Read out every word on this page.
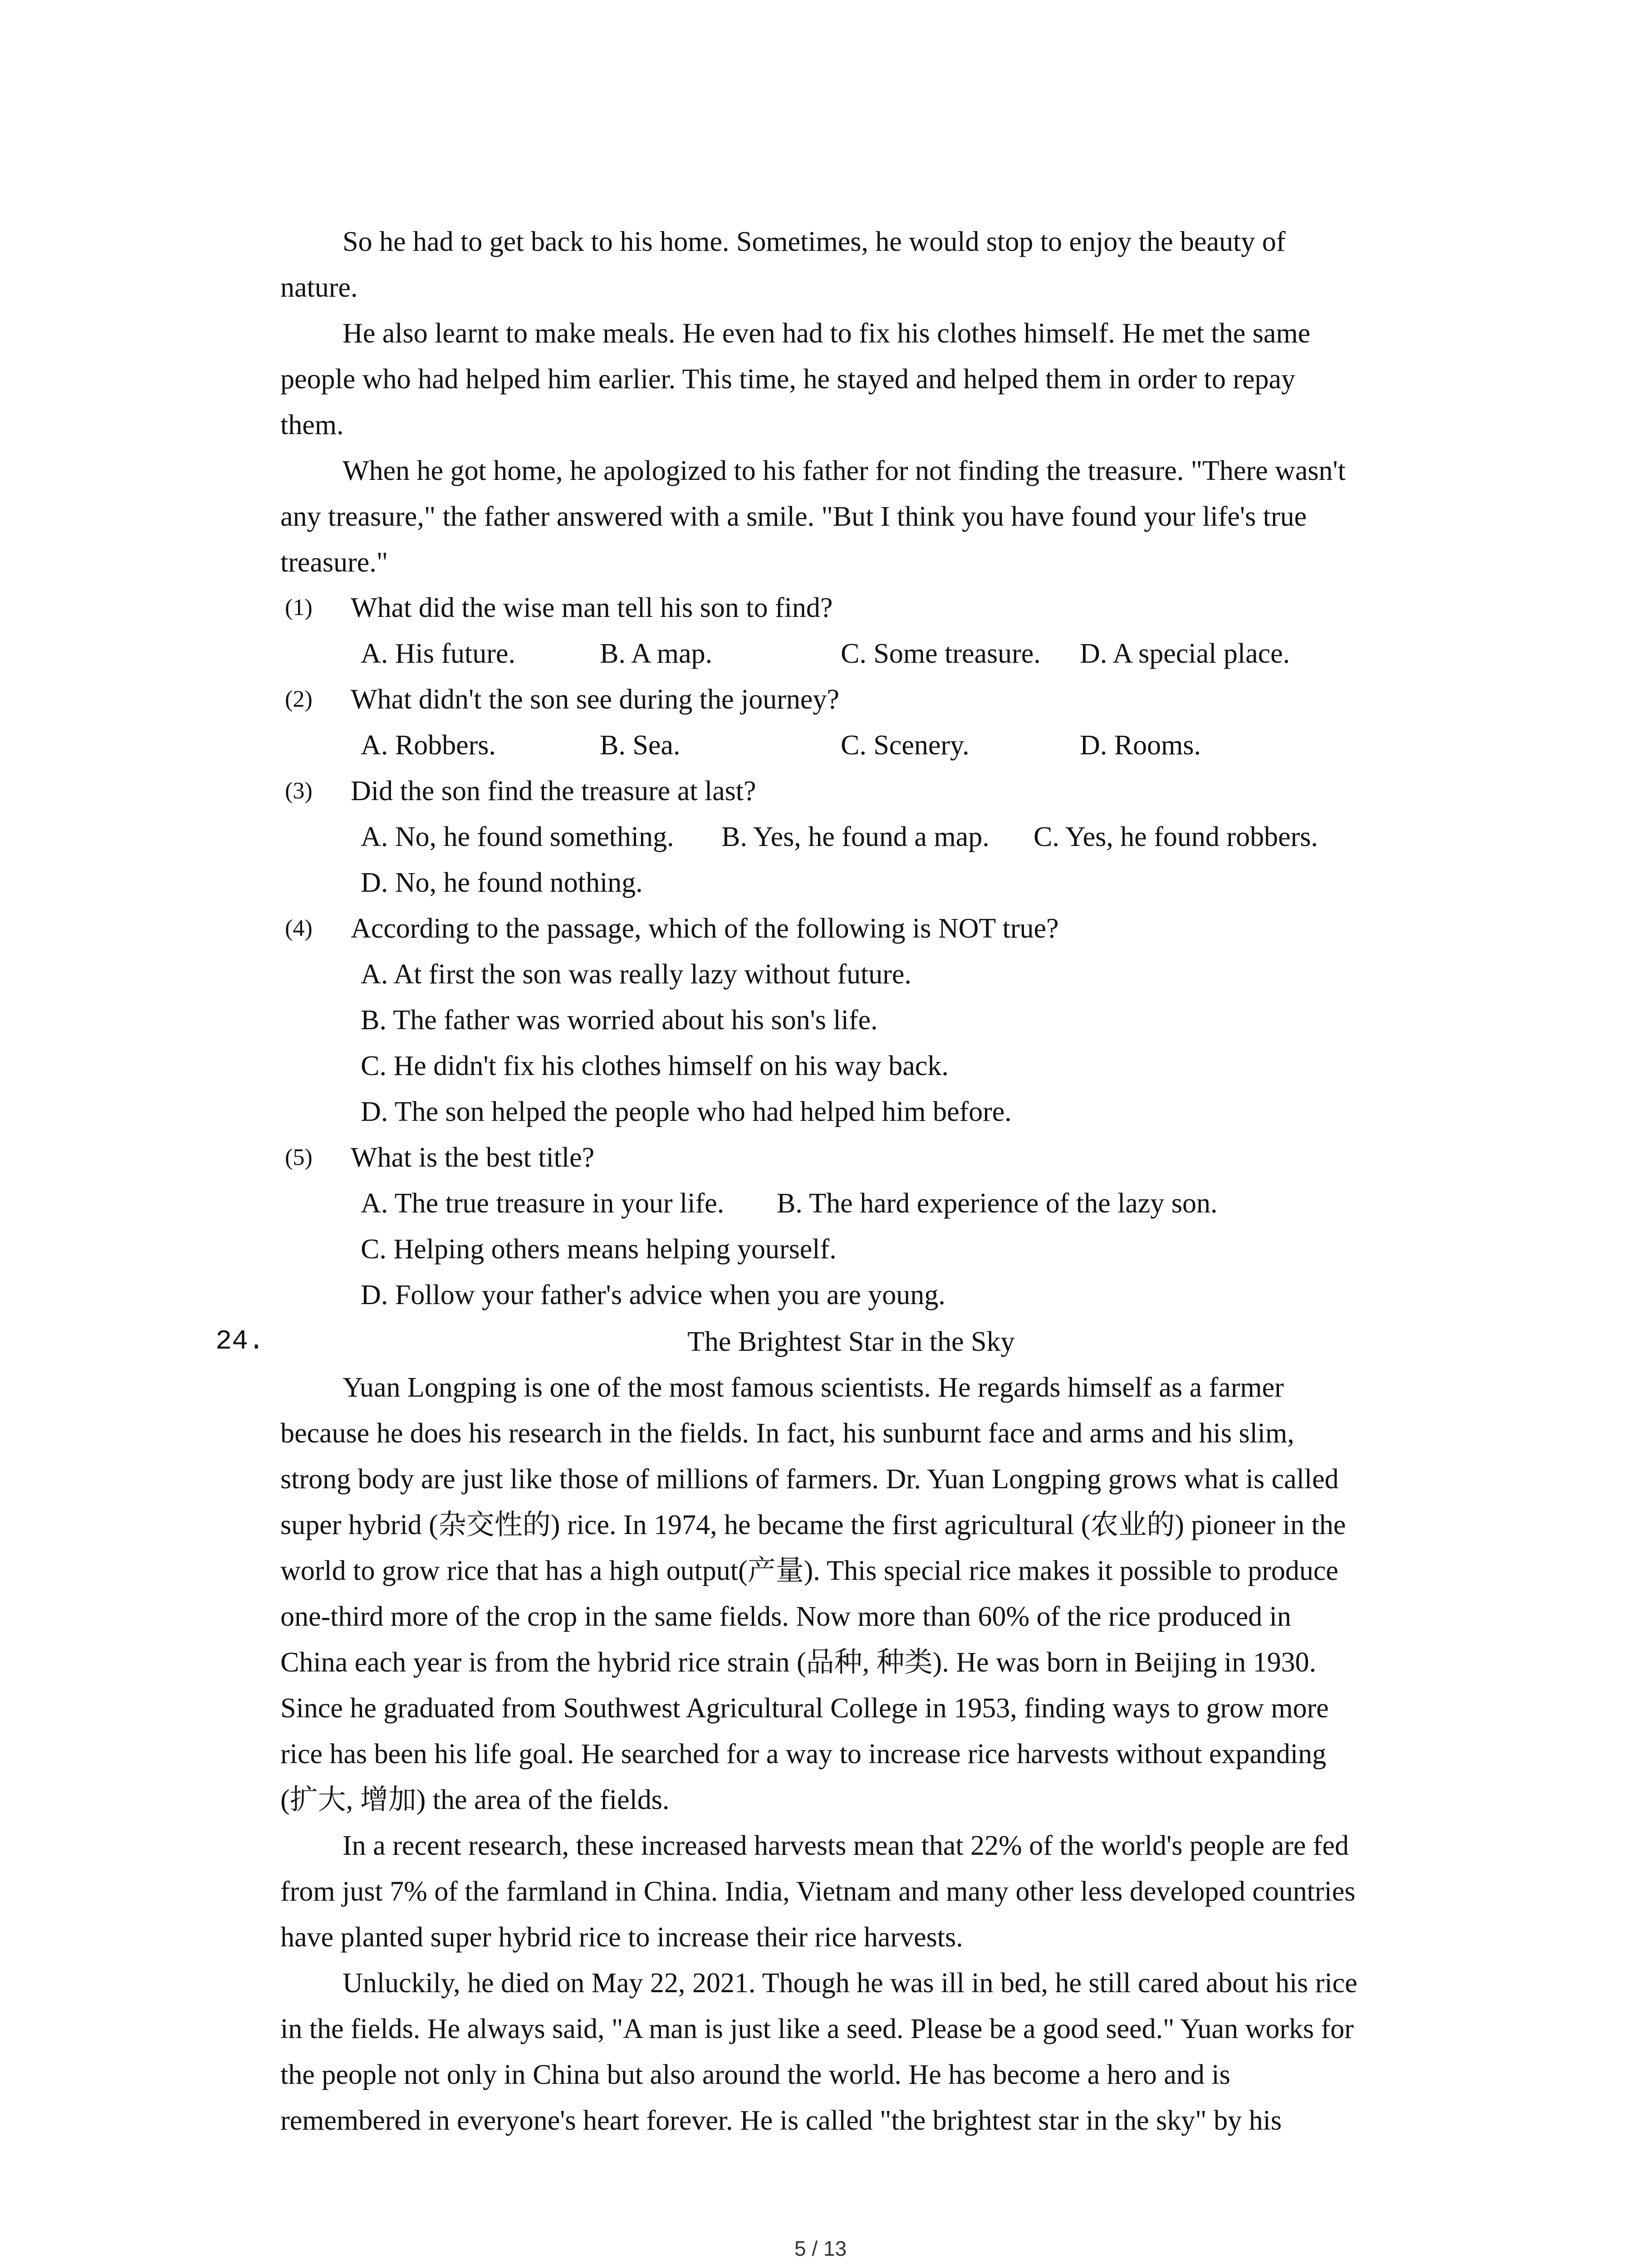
So he had to get back to his home. Sometimes, he would stop to enjoy the beauty of

nature.

He also learnt to make meals. He even had to fix his clothes himself. He met the same

people who had helped him earlier. This time, he stayed and helped them in order to repay

them.

When he got home, he apologized to his father for not finding the treasure. "There wasn't

any treasure," the father answered with a smile. "But I think you have found your life's true

treasure."

(1) What did the wise man tell his son to find?

A. His future.	B. A map.	C. Some treasure. D. A special place.

(2) What didn't the son see during the journey?

A. Robbers.	B. Sea.	C. Scenery.	D. Rooms.

(3) Did the son find the treasure at last?

A. No, he found something. B. Yes, he found a map. C. Yes, he found robbers.

D. No, he found nothing.

(4) According to the passage, which of the following is NOT true?

A. At first the son was really lazy without future.

B. The father was worried about his son's life.

C. He didn't fix his clothes himself on his way back.

D. The son helped the people who had helped him before.

(5) What is the best title?

A. The true treasure in your life. B. The hard experience of the lazy son.

C. Helping others means helping yourself.

D. Follow your father's advice when you are young.

24.	The Brightest Star in the Sky

Yuan Longping is one of the most famous scientists. He regards himself as a farmer

because he does his research in the fields. In fact, his sunburnt face and arms and his slim,

strong body are just like those of millions of farmers. Dr. Yuan Longping grows what is called

super hybrid (杂交性的) rice. In 1974, he became the first agricultural (农业的) pioneer in the

world to grow rice that has a high output(产量). This special rice makes it possible to produce

one-third more of the crop in the same fields. Now more than 60% of the rice produced in

China each year is from the hybrid rice strain (品种, 种类). He was born in Beijing in 1930.

Since he graduated from Southwest Agricultural College in 1953, finding ways to grow more

rice has been his life goal. He searched for a way to increase rice harvests without expanding

(扩大, 增加) the area of the fields.

In a recent research, these increased harvests mean that 22% of the world's people are fed

from just 7% of the farmland in China. India, Vietnam and many other less developed countries

have planted super hybrid rice to increase their rice harvests.

Unluckily, he died on May 22, 2021. Though he was ill in bed, he still cared about his rice

in the fields. He always said, "A man is just like a seed. Please be a good seed." Yuan works for

the people not only in China but also around the world. He has become a hero and is

remembered in everyone's heart forever. He is called "the brightest star in the sky" by his

5 / 13
